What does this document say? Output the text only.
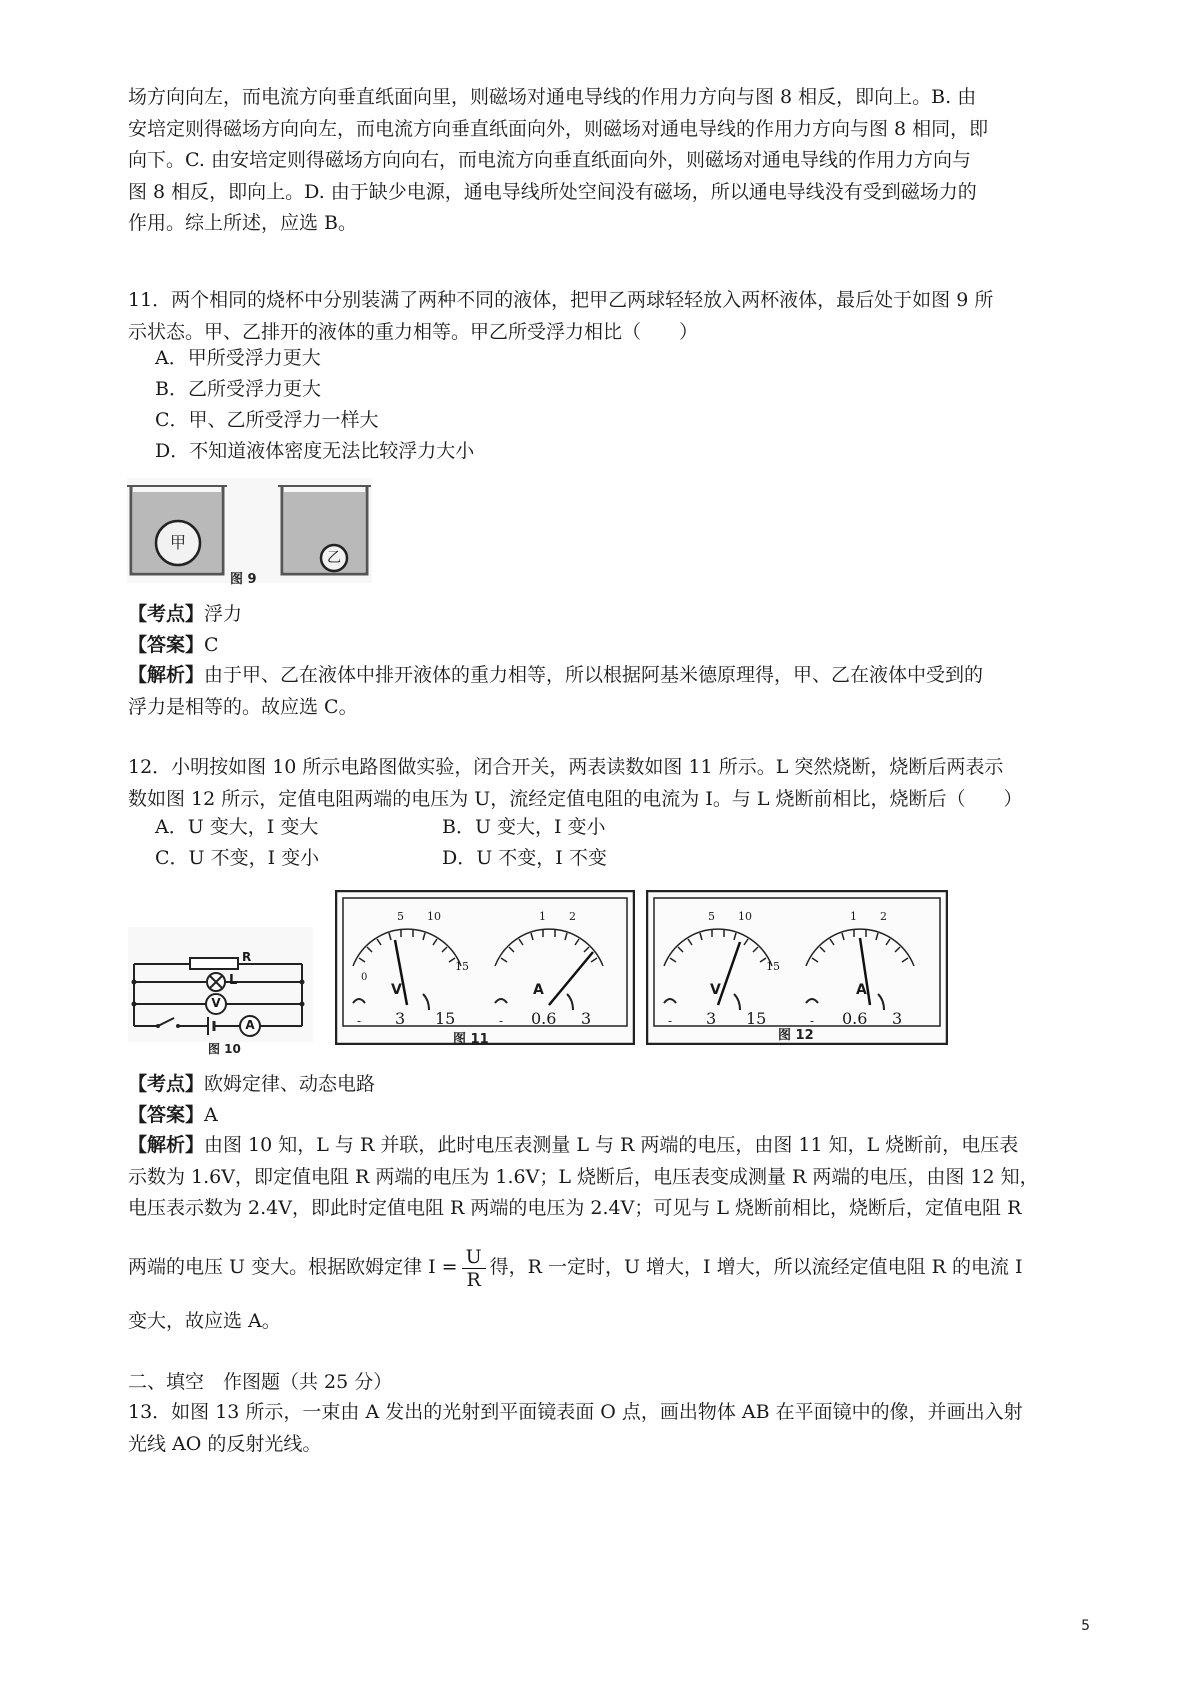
场方向向左，而电流方向垂直纸面向里，则磁场对通电导线的作用力方向与图 8 相反，即向上。B. 由
安培定则得磁场方向向左，而电流方向垂直纸面向外，则磁场对通电导线的作用力方向与图 8 相同，即
向下。C. 由安培定则得磁场方向向右，而电流方向垂直纸面向外，则磁场对通电导线的作用力方向与
图 8 相反，即向上。D. 由于缺少电源，通电导线所处空间没有磁场，所以通电导线没有受到磁场力的
作用。综上所述，应选 B。
11．两个相同的烧杯中分别装满了两种不同的液体，把甲乙两球轻轻放入两杯液体，最后处于如图 9 所
示状态。甲、乙排开的液体的重力相等。甲乙所受浮力相比（　　）
A．甲所受浮力更大
B．乙所受浮力更大
C．甲、乙所受浮力一样大
D．不知道液体密度无法比较浮力大小
甲
乙
图 9
【考点】浮力
【答案】C
【解析】由于甲、乙在液体中排开液体的重力相等，所以根据阿基米德原理得，甲、乙在液体中受到的
浮力是相等的。故应选 C。
12．小明按如图 10 所示电路图做实验，闭合开关，两表读数如图 11 所示。L 突然烧断，烧断后两表示
数如图 12 所示，定值电阻两端的电压为 U，流经定值电阻的电流为 I。与 L 烧断前相比，烧断后（　　）
A．U 变大，I 变大	B．U 变大，I 变小
C．U 不变，I 变小	D．U 不变，I 不变
R
L
V
A
图 10
5 10
0
15
V
1 2
A
- 3 15	- 0.6 3
图 11
5 10
15
V
1 2
A
- 3 15	- 0.6 3
图 12
【考点】欧姆定律、动态电路
【答案】A
【解析】由图 10 知，L 与 R 并联，此时电压表测量 L 与 R 两端的电压，由图 11 知，L 烧断前，电压表
示数为 1.6V，即定值电阻 R 两端的电压为 1.6V；L 烧断后，电压表变成测量 R 两端的电压，由图 12 知，
电压表示数为 2.4V，即此时定值电阻 R 两端的电压为 2.4V；可见与 L 烧断前相比，烧断后，定值电阻 R
两端的电压 U 变大。根据欧姆定律 $I = \frac{U}{R}$ 得，R 一定时，U 增大，I 增大，所以流经定值电阻 R 的电流 I
变大，故应选 A。
二、填空　作图题（共 25 分）
13．如图 13 所示，一束由 A 发出的光射到平面镜表面 O 点，画出物体 AB 在平面镜中的像，并画出入射
光线 AO 的反射光线。
5
